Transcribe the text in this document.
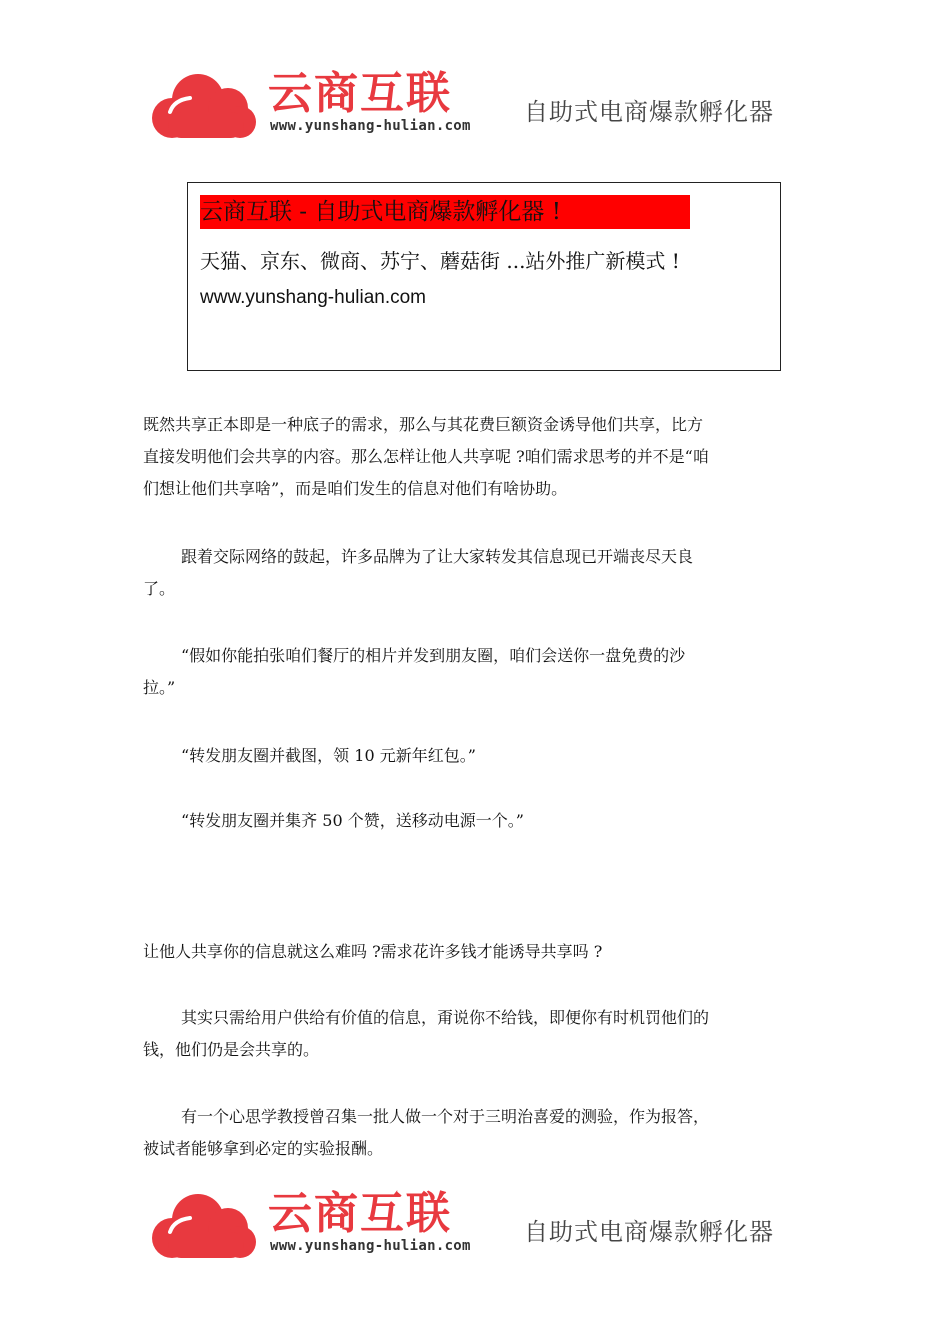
云商互联
www.yunshang-hulian.com 自助式电商爆款孵化器
云商互联 - 自助式电商爆款孵化器 !
天猫、京东、微商、苏宁、蘑菇街 ...站外推广新模式 !
www.yunshang-hulian.com
既然共享正本即是一种底子的需求，那么与其花费巨额资金诱导他们共享，比方
直接发明他们会共享的内容。那么怎样让他人共享呢 ?咱们需求思考的并不是“咱
们想让他们共享啥”，而是咱们发生的信息对他们有啥协助。
跟着交际网络的鼓起，许多品牌为了让大家转发其信息现已开端丧尽天良
了。
“假如你能拍张咱们餐厅的相片并发到朋友圈，咱们会送你一盘免费的沙
拉。”
“转发朋友圈并截图，领 10 元新年红包。”
“转发朋友圈并集齐 50 个赞，送移动电源一个。”
让他人共享你的信息就这么难吗 ?需求花许多钱才能诱导共享吗 ?
其实只需给用户供给有价值的信息，甭说你不给钱，即便你有时机罚他们的
钱，他们仍是会共享的。
有一个心思学教授曾召集一批人做一个对于三明治喜爱的测验，作为报答，
被试者能够拿到必定的实验报酬。
云商互联
www.yunshang-hulian.com 自助式电商爆款孵化器
